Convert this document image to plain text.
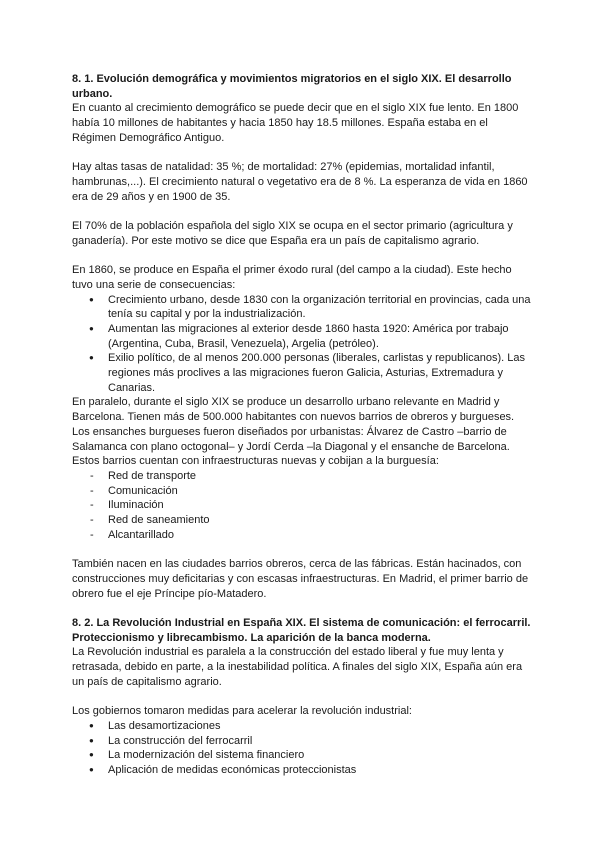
8. 1. Evolución demográfica y movimientos migratorios en el siglo XIX. El desarrollo urbano.

En cuanto al crecimiento demográfico se puede decir que en el siglo XIX fue lento. En 1800 había 10 millones de habitantes y hacia 1850 hay 18.5 millones. España estaba en el Régimen Demográfico Antiguo.

Hay altas tasas de natalidad: 35 %; de mortalidad: 27% (epidemias, mortalidad infantil, hambrunas,...). El crecimiento natural o vegetativo era de 8 %. La esperanza de vida en 1860 era de 29 años y en 1900 de 35.

El 70% de la población española del siglo XIX se ocupa en el sector primario (agricultura y ganadería). Por este motivo se dice que España era un país de capitalismo agrario.

En 1860, se produce en España el primer éxodo rural (del campo a la ciudad). Este hecho tuvo una serie de consecuencias:

● Crecimiento urbano, desde 1830 con la organización territorial en provincias, cada una tenía su capital y por la industrialización.
● Aumentan las migraciones al exterior desde 1860 hasta 1920: América por trabajo (Argentina, Cuba, Brasil, Venezuela), Argelia (petróleo).
● Exilio político, de al menos 200.000 personas (liberales, carlistas y republicanos). Las regiones más proclives a las migraciones fueron Galicia, Asturias, Extremadura y Canarias.

En paralelo, durante el siglo XIX se produce un desarrollo urbano relevante en Madrid y Barcelona. Tienen más de 500.000 habitantes con nuevos barrios de obreros y burgueses. Los ensanches burgueses fueron diseñados por urbanistas: Álvarez de Castro –barrio de Salamanca con plano octogonal– y Jordí Cerda –la Diagonal y el ensanche de Barcelona. Estos barrios cuentan con infraestructuras nuevas y cobijan a la burguesía:

- Red de transporte
- Comunicación
- Iluminación
- Red de saneamiento
- Alcantarillado

También nacen en las ciudades barrios obreros, cerca de las fábricas. Están hacinados, con construcciones muy deficitarias y con escasas infraestructuras. En Madrid, el primer barrio de obrero fue el eje Príncipe pío-Matadero.

8. 2. La Revolución Industrial en España XIX. El sistema de comunicación: el ferrocarril. Proteccionismo y librecambismo. La aparición de la banca moderna.

La Revolución industrial es paralela a la construcción del estado liberal y fue muy lenta y retrasada, debido en parte, a la inestabilidad política. A finales del siglo XIX, España aún era un país de capitalismo agrario.

Los gobiernos tomaron medidas para acelerar la revolución industrial:

● Las desamortizaciones
● La construcción del ferrocarril
● La modernización del sistema financiero
● Aplicación de medidas económicas proteccionistas
